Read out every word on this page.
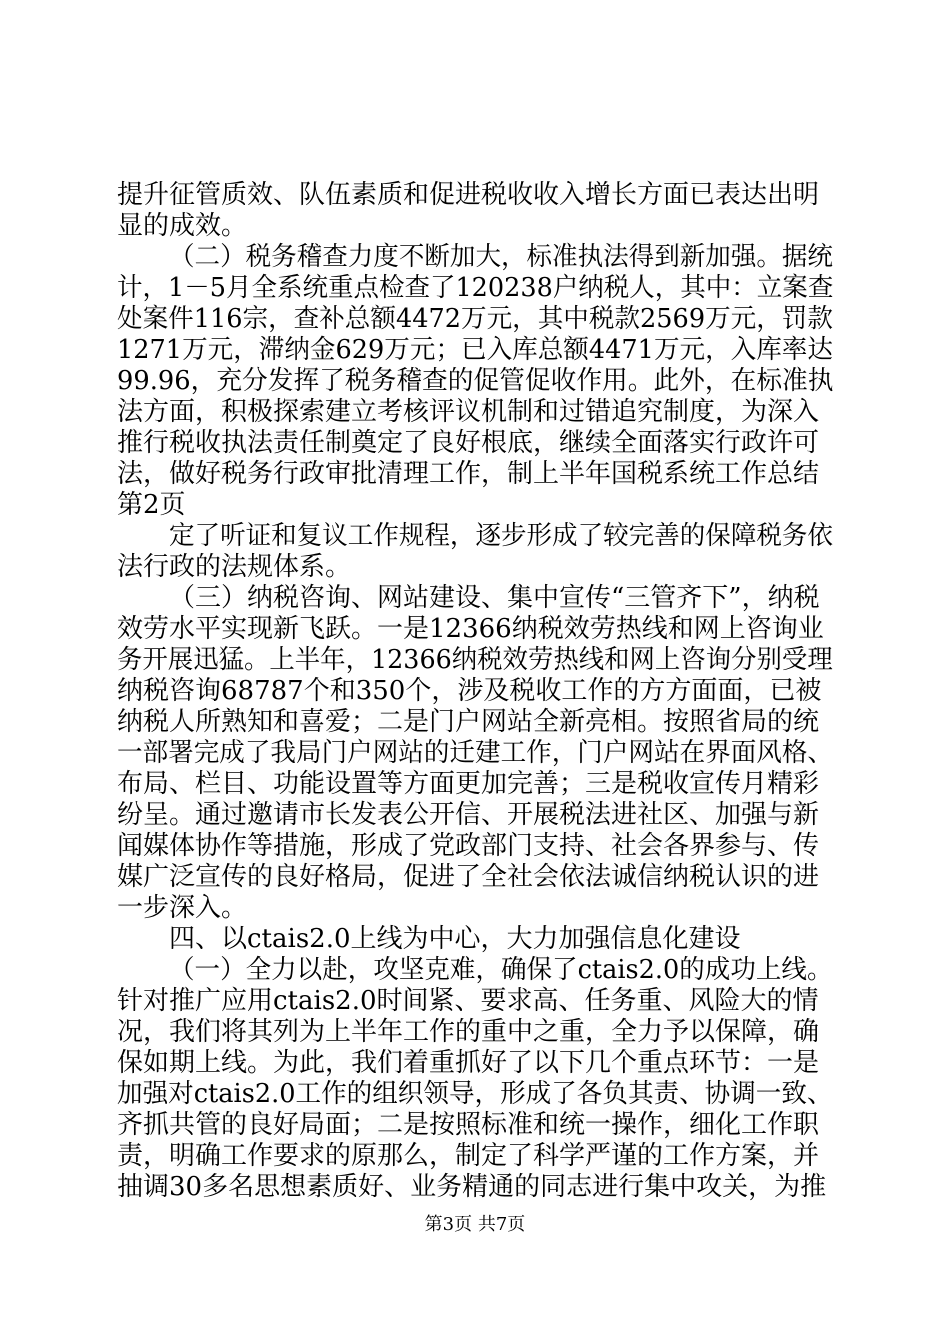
提升征管质效、队伍素质和促进税收收入增长方面已表达出明
显的成效。
（二）税务稽查力度不断加大，标准执法得到新加强。据统
计，1－5月全系统重点检查了120238户纳税人，其中：立案查
处案件116宗，查补总额4472万元，其中税款2569万元，罚款
1271万元，滞纳金629万元；已入库总额4471万元，入库率达
99.96，充分发挥了税务稽查的促管促收作用。此外，在标准执
法方面，积极探索建立考核评议机制和过错追究制度，为深入
推行税收执法责任制奠定了良好根底，继续全面落实行政许可
法，做好税务行政审批清理工作，制上半年国税系统工作总结
第2页
定了听证和复议工作规程，逐步形成了较完善的保障税务依
法行政的法规体系。
（三）纳税咨询、网站建设、集中宣传“三管齐下”，纳税
效劳水平实现新飞跃。一是12366纳税效劳热线和网上咨询业
务开展迅猛。上半年，12366纳税效劳热线和网上咨询分别受理
纳税咨询68787个和350个，涉及税收工作的方方面面，已被
纳税人所熟知和喜爱；二是门户网站全新亮相。按照省局的统
一部署完成了我局门户网站的迁建工作，门户网站在界面风格、
布局、栏目、功能设置等方面更加完善；三是税收宣传月精彩
纷呈。通过邀请市长发表公开信、开展税法进社区、加强与新
闻媒体协作等措施，形成了党政部门支持、社会各界参与、传
媒广泛宣传的良好格局，促进了全社会依法诚信纳税认识的进
一步深入。
四、以ctais2.0上线为中心，大力加强信息化建设
（一）全力以赴，攻坚克难，确保了ctais2.0的成功上线。
针对推广应用ctais2.0时间紧、要求高、任务重、风险大的情
况，我们将其列为上半年工作的重中之重，全力予以保障，确
保如期上线。为此，我们着重抓好了以下几个重点环节：一是
加强对ctais2.0工作的组织领导，形成了各负其责、协调一致、
齐抓共管的良好局面；二是按照标准和统一操作，细化工作职
责，明确工作要求的原那么，制定了科学严谨的工作方案，并
抽调30多名思想素质好、业务精通的同志进行集中攻关，为推
第3页 共7页
